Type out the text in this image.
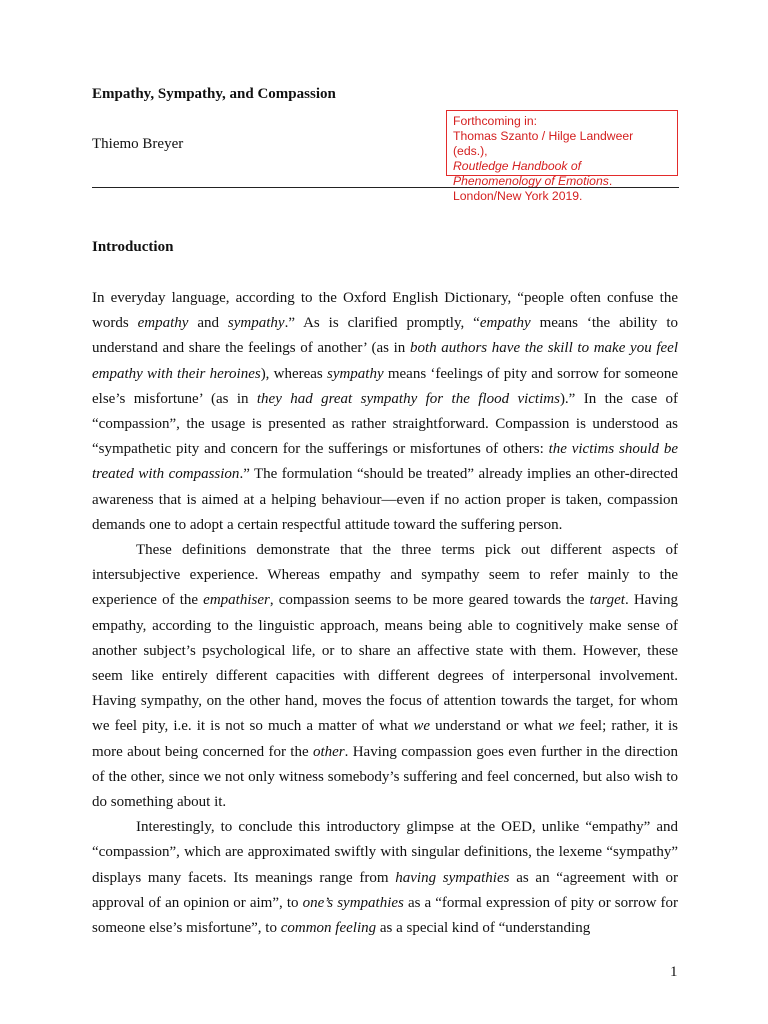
Empathy, Sympathy, and Compassion
Thiemo Breyer
Forthcoming in:
Thomas Szanto / Hilge Landweer (eds.),
Routledge Handbook of Phenomenology of Emotions. London/New York 2019.
Introduction

In everyday language, according to the Oxford English Dictionary, “people often confuse the words empathy and sympathy.” As is clarified promptly, “empathy means ‘the ability to understand and share the feelings of another’ (as in both authors have the skill to make you feel empathy with their heroines), whereas sympathy means ‘feelings of pity and sorrow for someone else’s misfortune’ (as in they had great sympathy for the flood victims).” In the case of “compassion”, the usage is presented as rather straightforward. Compassion is understood as “sympathetic pity and concern for the sufferings or misfortunes of others: the victims should be treated with compassion.” The formulation “should be treated” already implies an other-directed awareness that is aimed at a helping behaviour—even if no action proper is taken, compassion demands one to adopt a certain respectful attitude toward the suffering person.

These definitions demonstrate that the three terms pick out different aspects of intersubjective experience. Whereas empathy and sympathy seem to refer mainly to the experience of the empathiser, compassion seems to be more geared towards the target. Having empathy, according to the linguistic approach, means being able to cognitively make sense of another subject’s psychological life, or to share an affective state with them. However, these seem like entirely different capacities with different degrees of interpersonal involvement. Having sympathy, on the other hand, moves the focus of attention towards the target, for whom we feel pity, i.e. it is not so much a matter of what we understand or what we feel; rather, it is more about being concerned for the other. Having compassion goes even further in the direction of the other, since we not only witness somebody’s suffering and feel concerned, but also wish to do something about it.

Interestingly, to conclude this introductory glimpse at the OED, unlike “empathy” and “compassion”, which are approximated swiftly with singular definitions, the lexeme “sympathy” displays many facets. Its meanings range from having sympathies as an “agreement with or approval of an opinion or aim”, to one’s sympathies as a “formal expression of pity or sorrow for someone else’s misfortune”, to common feeling as a special kind of “understanding

1
